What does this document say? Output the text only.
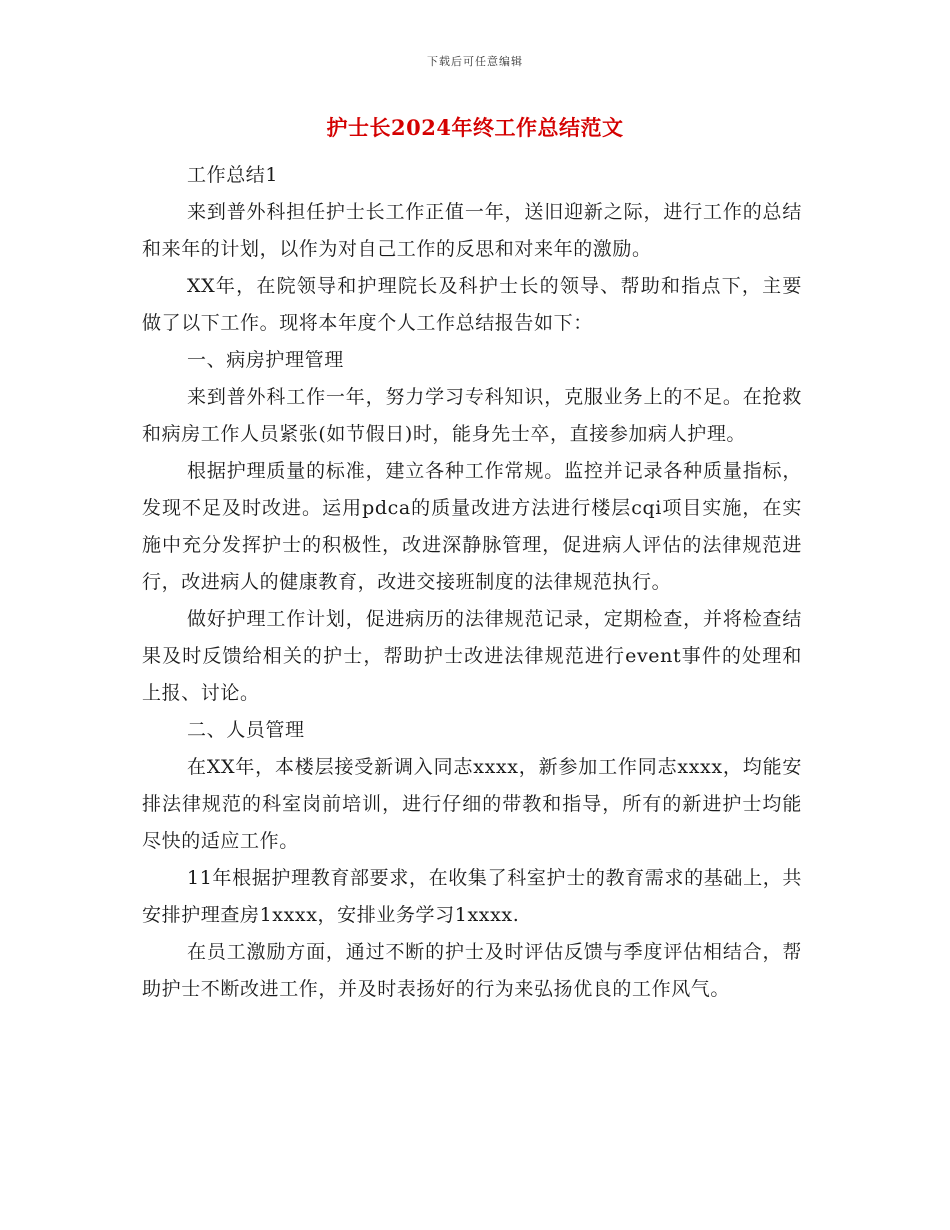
下载后可任意编辑
护士长2024年终工作总结范文

工作总结1

来到普外科担任护士长工作正值一年，送旧迎新之际，进行工作的总结和来年的计划，以作为对自己工作的反思和对来年的激励。

XX年，在院领导和护理院长及科护士长的领导、帮助和指点下，主要做了以下工作。现将本年度个人工作总结报告如下：

一、病房护理管理

来到普外科工作一年，努力学习专科知识，克服业务上的不足。在抢救和病房工作人员紧张(如节假日)时，能身先士卒，直接参加病人护理。

根据护理质量的标准，建立各种工作常规。监控并记录各种质量指标，发现不足及时改进。运用pdca的质量改进方法进行楼层cqi项目实施，在实施中充分发挥护士的积极性，改进深静脉管理，促进病人评估的法律规范进行，改进病人的健康教育，改进交接班制度的法律规范执行。

做好护理工作计划，促进病历的法律规范记录，定期检查，并将检查结果及时反馈给相关的护士，帮助护士改进法律规范进行event事件的处理和上报、讨论。

二、人员管理

在XX年，本楼层接受新调入同志xxxx，新参加工作同志xxxx，均能安排法律规范的科室岗前培训，进行仔细的带教和指导，所有的新进护士均能尽快的适应工作。

11年根据护理教育部要求，在收集了科室护士的教育需求的基础上，共安排护理查房1xxxx，安排业务学习1xxxx.

在员工激励方面，通过不断的护士及时评估反馈与季度评估相结合，帮助护士不断改进工作，并及时表扬好的行为来弘扬优良的工作风气。
